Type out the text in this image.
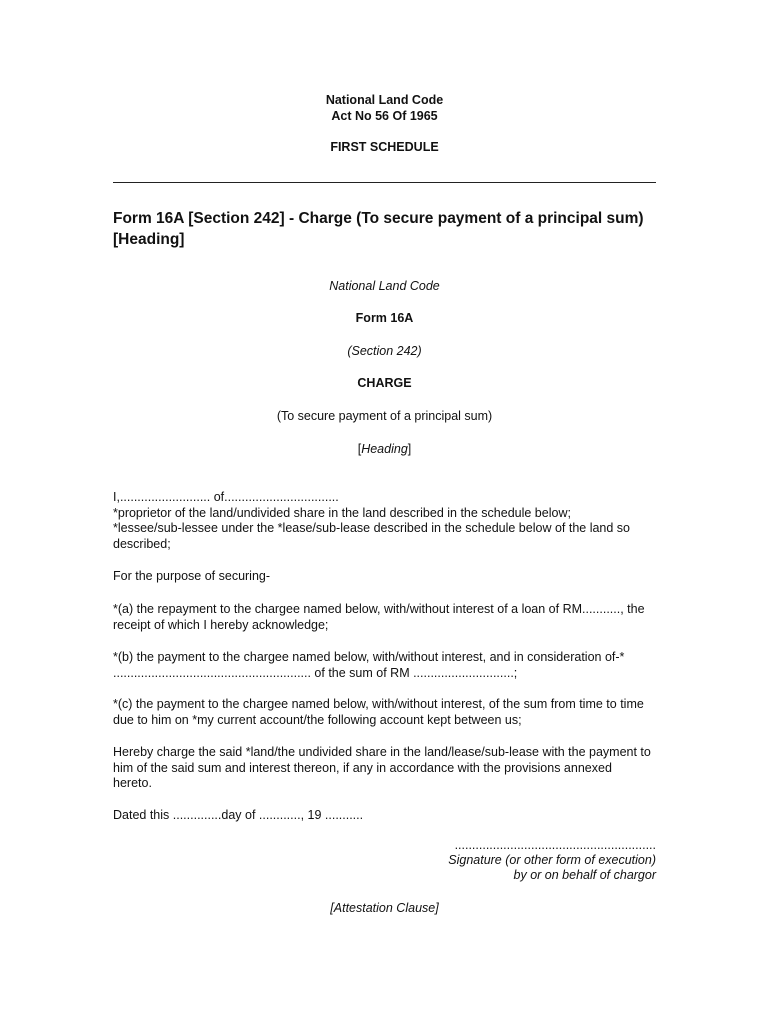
National Land Code
Act No 56 Of 1965
FIRST SCHEDULE
Form 16A [Section 242] - Charge (To secure payment of a principal sum)
[Heading]
National Land Code
Form 16A
(Section 242)
CHARGE
(To secure payment of a principal sum)
[Heading]
I,.......................... of.................................
*proprietor of the land/undivided share in the land described in the schedule below;
*lessee/sub-lessee under the *lease/sub-lease described in the schedule below of the land so
described;
For the purpose of securing-
*(a) the repayment to the chargee named below, with/without interest of a loan of RM..........., the
receipt of which I hereby acknowledge;
*(b) the payment to the chargee named below, with/without interest, and in consideration of-*
......................................................... of the sum of RM .............................;
*(c) the payment to the chargee named below, with/without interest, of the sum from time to time
due to him on *my current account/the following account kept between us;
Hereby charge the said *land/the undivided share in the land/lease/sub-lease with the payment to
him of the said sum and interest thereon, if any in accordance with the provisions annexed
hereto.
Dated this ..............day of ............, 19 ...........
..........................................................
Signature (or other form of execution)
by or on behalf of chargor
[Attestation Clause]
